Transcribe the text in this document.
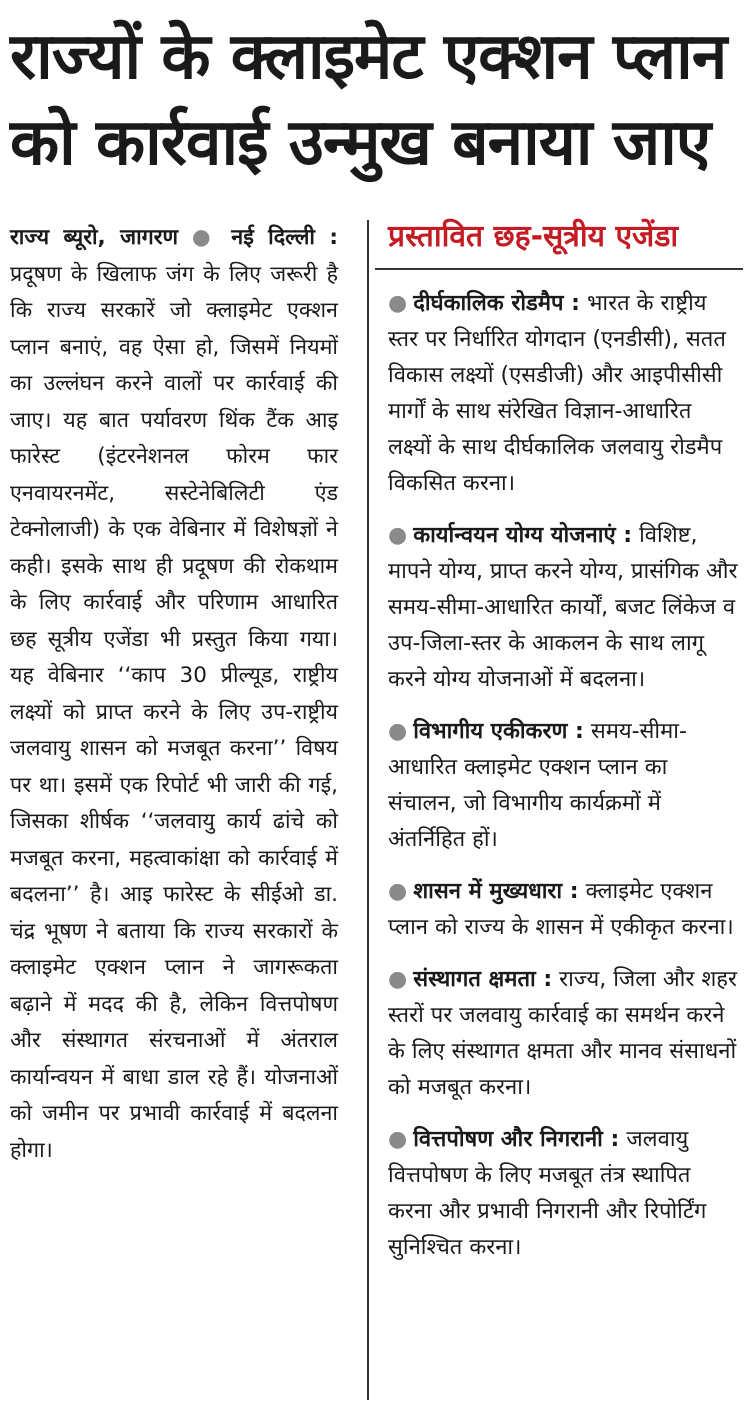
राज्यों के क्लाइमेट एक्शन प्लान
को कार्रवाई उन्मुख बनाया जाए
राज्य ब्यूरो, जागरण ● नई दिल्ली : प्रदूषण के खिलाफ जंग के लिए जरूरी है कि राज्य सरकारें जो क्लाइमेट एक्शन प्लान बनाएं, वह ऐसा हो, जिसमें नियमों का उल्लंघन करने वालों पर कार्रवाई की जाए। यह बात पर्यावरण थिंक टैंक आइ फारेस्ट (इंटरनेशनल फोरम फार एनवायरनमेंट, सस्टेनेबिलिटी एंड टेक्नोलाजी) के एक वेबिनार में विशेषज्ञों ने कही। इसके साथ ही प्रदूषण की रोकथाम के लिए कार्रवाई और परिणाम आधारित छह सूत्रीय एजेंडा भी प्रस्तुत किया गया। यह वेबिनार ‘‘काप 30 प्रील्यूड, राष्ट्रीय लक्ष्यों को प्राप्त करने के लिए उप-राष्ट्रीय जलवायु शासन को मजबूत करना’’ विषय पर था। इसमें एक रिपोर्ट भी जारी की गई, जिसका शीर्षक ‘‘जलवायु कार्य ढांचे को मजबूत करना, महत्वाकांक्षा को कार्रवाई में बदलना’’ है। आइ फारेस्ट के सीईओ डा. चंद्र भूषण ने बताया कि राज्य सरकारों के क्लाइमेट एक्शन प्लान ने जागरूकता बढ़ाने में मदद की है, लेकिन वित्तपोषण और संस्थागत संरचनाओं में अंतराल कार्यान्वयन में बाधा डाल रहे हैं। योजनाओं को जमीन पर प्रभावी कार्रवाई में बदलना होगा।
प्रस्तावित छह-सूत्रीय एजेंडा
● दीर्घकालिक रोडमैप : भारत के राष्ट्रीय स्तर पर निर्धारित योगदान (एनडीसी), सतत विकास लक्ष्यों (एसडीजी) और आइपीसीसी मार्गों के साथ संरेखित विज्ञान-आधारित लक्ष्यों के साथ दीर्घकालिक जलवायु रोडमैप विकसित करना।
● कार्यान्वयन योग्य योजनाएं : विशिष्ट, मापने योग्य, प्राप्त करने योग्य, प्रासंगिक और समय-सीमा-आधारित कार्यों, बजट लिंकेज व उप-जिला-स्तर के आकलन के साथ लागू करने योग्य योजनाओं में बदलना।
● विभागीय एकीकरण : समय-सीमा-आधारित क्लाइमेट एक्शन प्लान का संचालन, जो विभागीय कार्यक्रमों में अंतर्निहित हों।
● शासन में मुख्यधारा : क्लाइमेट एक्शन प्लान को राज्य के शासन में एकीकृत करना।
● संस्थागत क्षमता : राज्य, जिला और शहर स्तरों पर जलवायु कार्रवाई का समर्थन करने के लिए संस्थागत क्षमता और मानव संसाधनों को मजबूत करना।
● वित्तपोषण और निगरानी : जलवायु वित्तपोषण के लिए मजबूत तंत्र स्थापित करना और प्रभावी निगरानी और रिपोर्टिंग सुनिश्चित करना।
